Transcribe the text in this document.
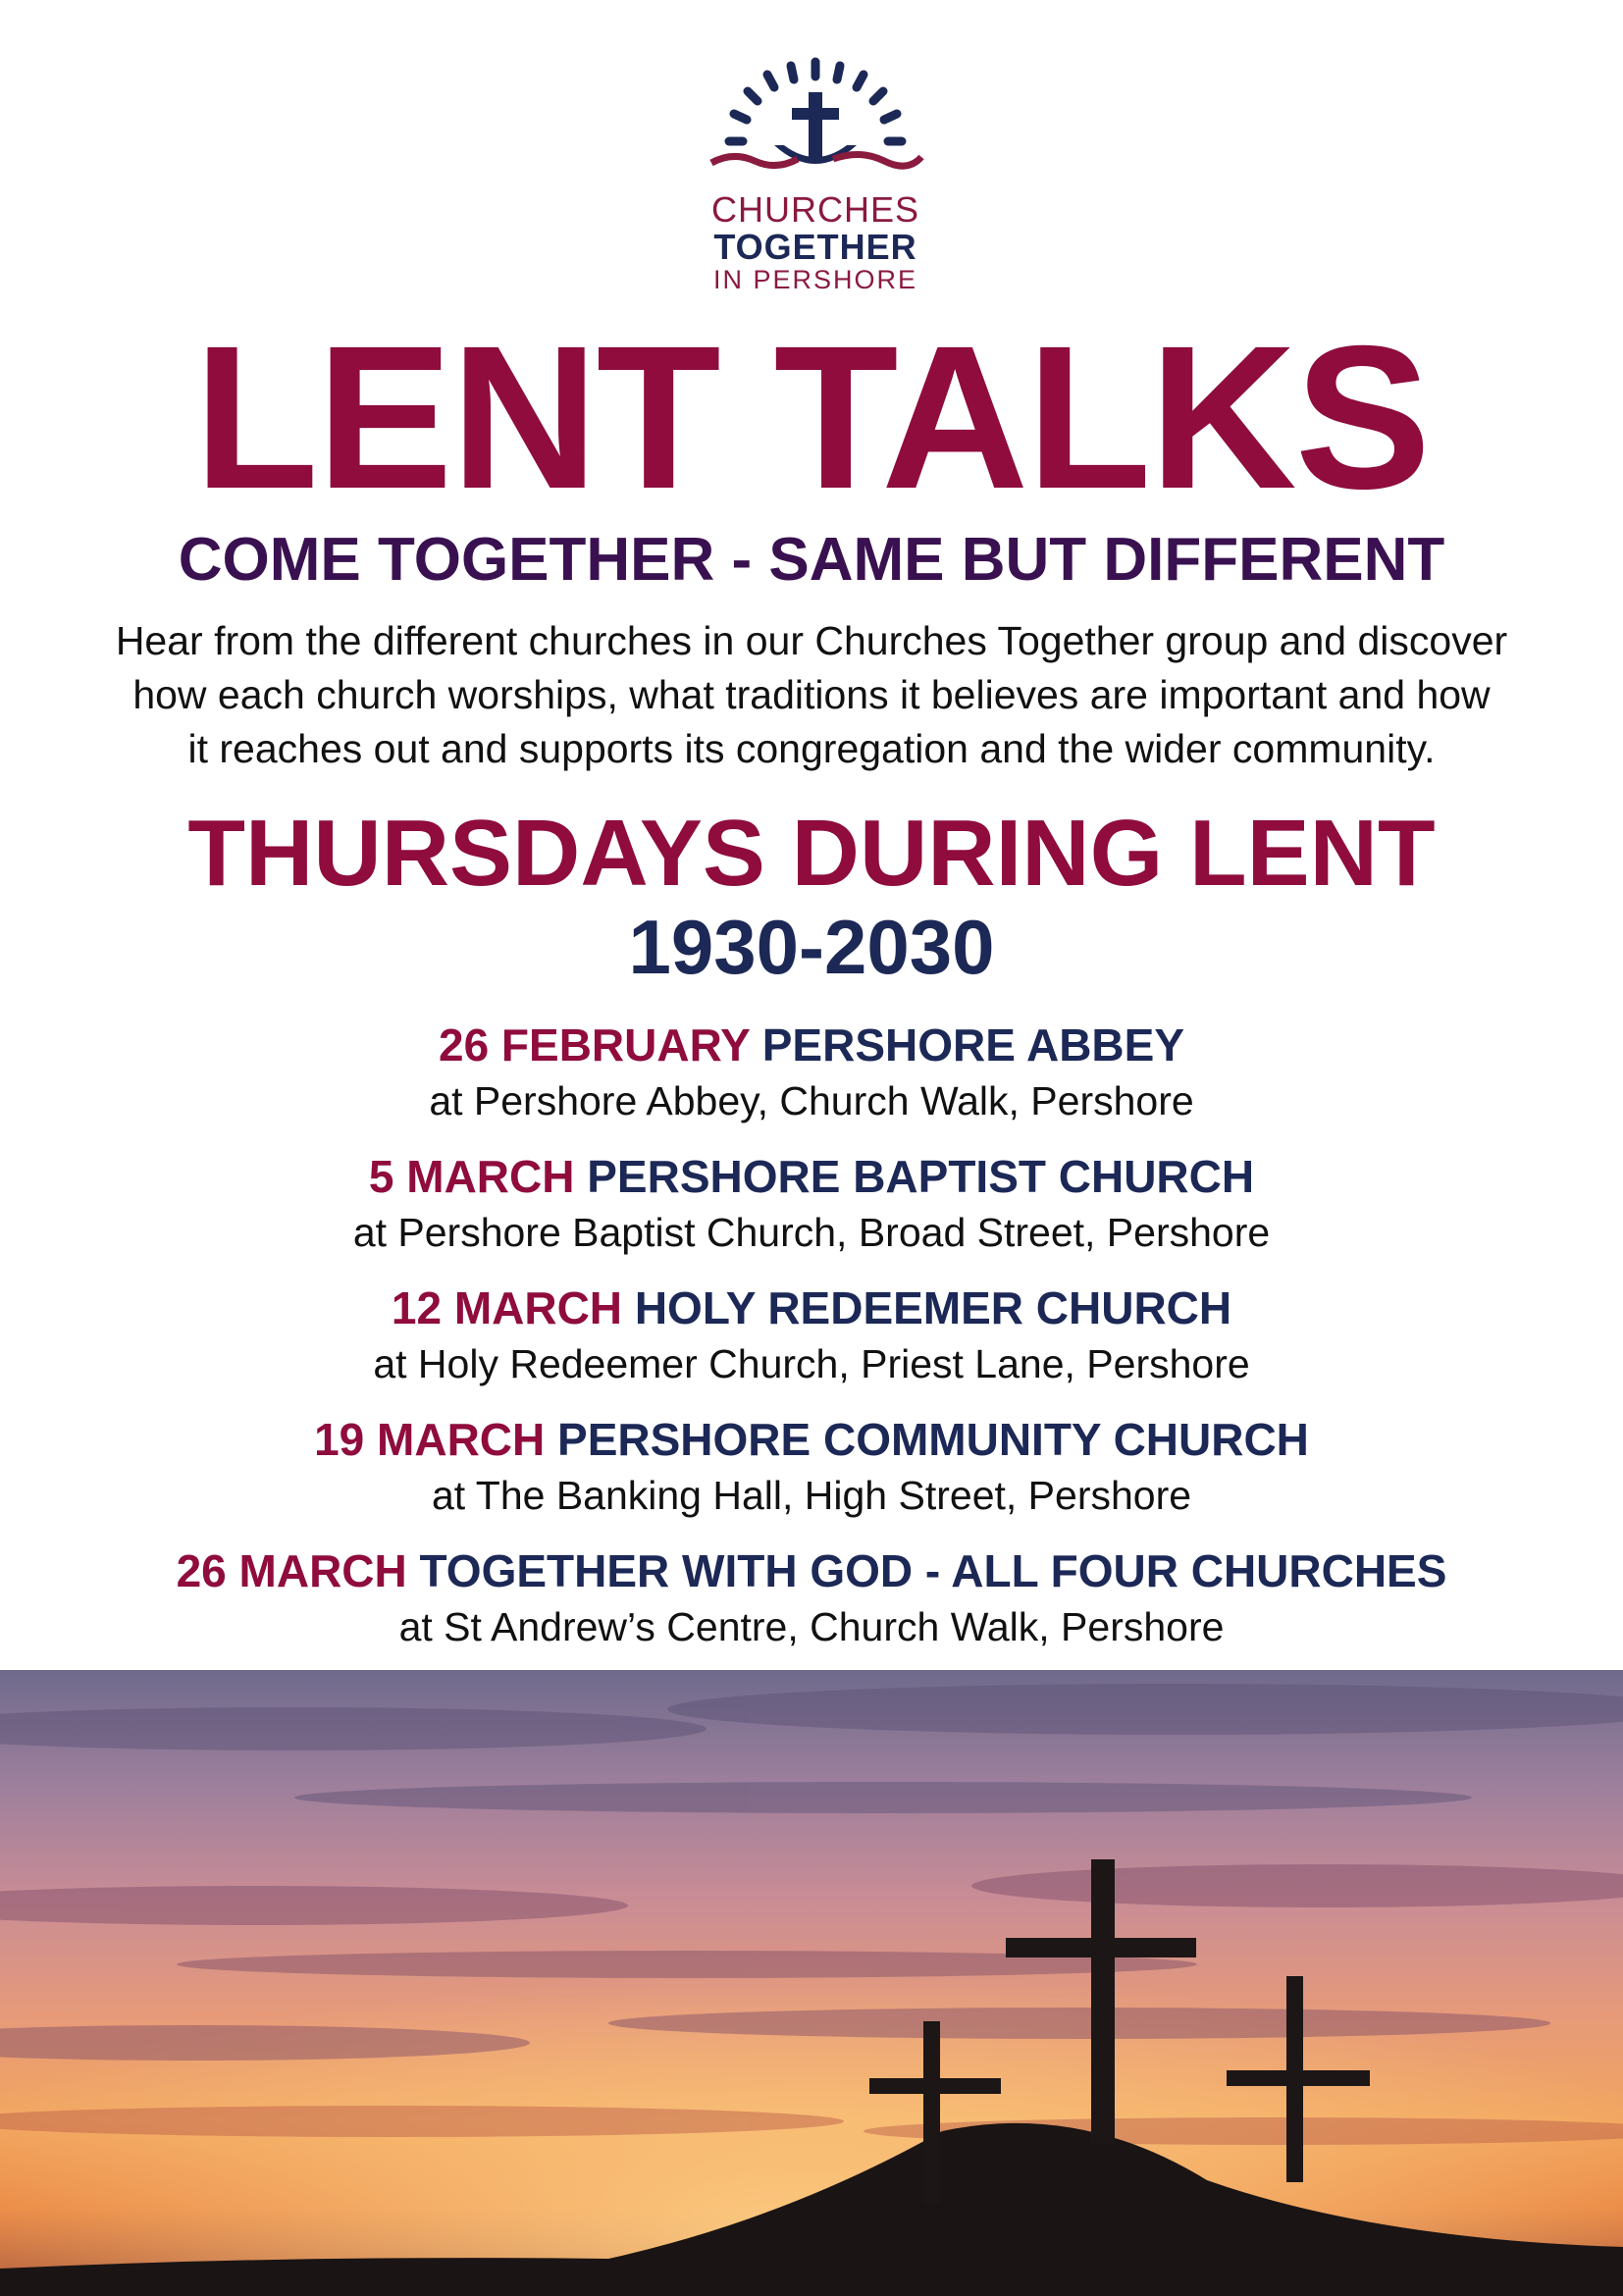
CHURCHES
TOGETHER
IN PERSHORE
LENT TALKS
COME TOGETHER - SAME BUT DIFFERENT
Hear from the different churches in our Churches Together group and discover
how each church worships, what traditions it believes are important and how
it reaches out and supports its congregation and the wider community.
THURSDAYS DURING LENT
1930-2030
26 FEBRUARY PERSHORE ABBEY
at Pershore Abbey, Church Walk, Pershore
5 MARCH PERSHORE BAPTIST CHURCH
at Pershore Baptist Church, Broad Street, Pershore
12 MARCH HOLY REDEEMER CHURCH
at Holy Redeemer Church, Priest Lane, Pershore
19 MARCH PERSHORE COMMUNITY CHURCH
at The Banking Hall, High Street, Pershore
26 MARCH TOGETHER WITH GOD - ALL FOUR CHURCHES
at St Andrew’s Centre, Church Walk, Pershore
